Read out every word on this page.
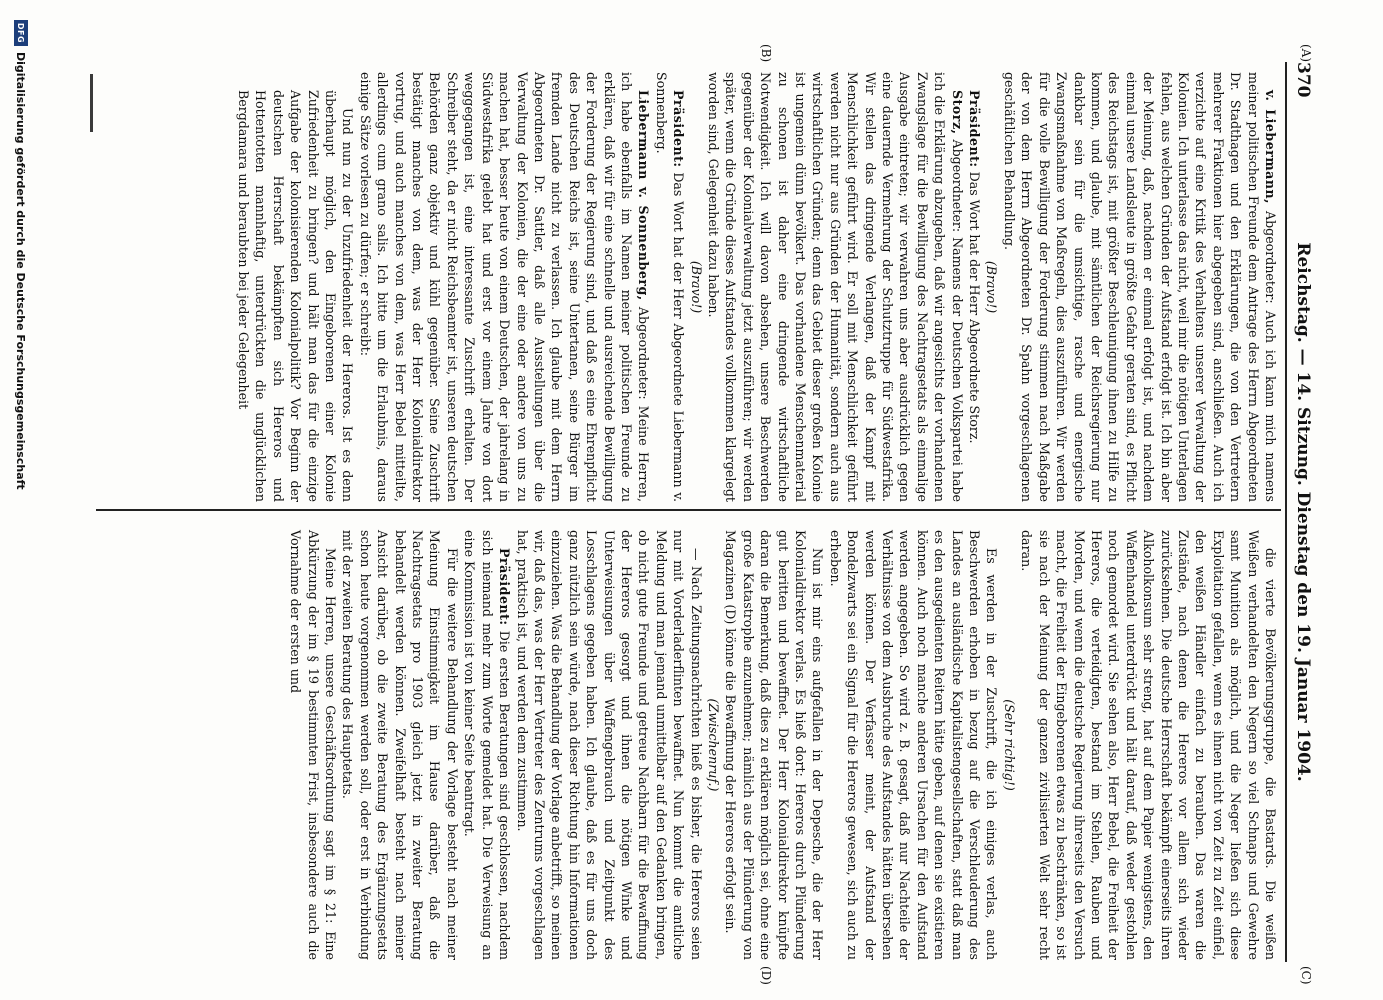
370
Reichstag. — 14. Sitzung. Dienstag den 19. Januar 1904.
(A)
(B)
(C)
(D)

v. Liebermann, Abgeordneter: Auch ich kann mich namens meiner politischen Freunde dem Antrage des Herrn Abgeordneten Dr. Stadthagen und den Erklärungen, die von den Vertretern mehrerer Fraktionen hier abgegeben sind, anschließen. Auch ich verzichte auf eine Kritik des Verhaltens unserer Verwaltung der Kolonien. Ich unterlasse das nicht, weil mir die nötigen Unterlagen fehlen, aus welchen Gründen der Aufstand erfolgt ist. Ich bin aber der Meinung, daß, nachdem er einmal erfolgt ist, und nachdem einmal unsere Landsleute in größte Gefahr geraten sind, es Pflicht des Reichstags ist, mit größter Beschleunigung ihnen zu Hilfe zu kommen, und glaube, mit sämtlichen der Reichsregierung nur dankbar sein für die umsichtige, rasche und energische Zwangsmaßnahme von Maßregeln, dies auszuführen. Wir werden für die volle Bewilligung der Forderung stimmen nach Maßgabe der von dem Herrn Abgeordneten Dr. Spahn vorgeschlagenen geschäftlichen Behandlung.

(Bravo!)

Präsident: Das Wort hat der Herr Abgeordnete Storz.

Storz, Abgeordneter: Namens der Deutschen Volkspartei habe ich die Erklärung abzugeben, daß wir angesichts der vorhandenen Zwangslage für die Bewilligung des Nachtragsetats als einmalige Ausgabe eintreten; wir verwahren uns aber ausdrücklich gegen eine dauernde Vermehrung der Schutztruppe für Südwestafrika. Wir stellen das dringende Verlangen, daß der Kampf mit Menschlichkeit geführt wird. Er soll mit Menschlichkeit geführt werden nicht nur aus Gründen der Humanität, sondern auch aus wirtschaftlichen Gründen; denn das Gebiet dieser großen Kolonie ist ungemein dünn bevölkert. Das vorhandene Menschenmaterial zu schonen ist daher eine dringende wirtschaftliche Notwendigkeit. Ich will davon absehen, unsere Beschwerden gegenüber der Kolonialverwaltung jetzt auszuführen; wir werden später, wenn die Gründe dieses Aufstandes vollkommen klargelegt worden sind, Gelegenheit dazu haben.

(Bravo!)

Präsident: Das Wort hat der Herr Abgeordnete Liebermann v. Sonnenberg.

Liebermann v. Sonnenberg, Abgeordneter: Meine Herren, ich habe ebenfalls im Namen meiner politischen Freunde zu erklären, daß wir für eine schnelle und ausreichende Bewilligung der Forderung der Regierung sind, und daß es eine Ehrenpflicht des Deutschen Reichs ist, seine Untertanen, seine Bürger im fremden Lande nicht zu verlassen. Ich glaube mit dem Herrn Abgeordneten Dr. Sattler, daß alle Ausstellungen über die Verwaltung der Kolonien, die der eine oder andere von uns zu machen hat, besser heute von einem Deutschen, der jahrelang in Südwestafrika gelebt hat und erst vor einem Jahre von dort weggegangen ist, eine interessante Zuschrift erhalten. Der Schreiber steht, da er nicht Reichsbeamter ist, unseren deutschen Behörden ganz objektiv und kühl gegenüber. Seine Zuschrift bestätigt manches von dem, was der Herr Kolonialdirektor vortrug, und auch manches von dem, was Herr Bebel mitteilte, allerdings cum grano salis. Ich bitte um die Erlaubnis, daraus einige Sätze vorlesen zu dürfen; er schreibt:

Und nun zu der Unzufriedenheit der Hereros. Ist es denn überhaupt möglich, den Eingeborenen einer Kolonie Zufriedenheit zu bringen? und hält man das für die einzige Aufgabe der kolonisierenden Kolonialpolitik? Vor Beginn der deutschen Herrschaft bekämpften sich Hereros und Hottentotten mannhaftig, unterdrückten die unglücklichen Bergdamara und beraubten bei jeder Gelegenheit

die vierte Bevölkerungsgruppe, die Bastards. Die weißen Weißen verhandelten den Negern so viel Schnaps und Gewehre samt Munition als möglich, und die Neger ließen sich diese Exploitation gefallen, wenn es ihnen nicht von Zeit zu Zeit einfiel, den weißen Händler einfach zu berauben. Das waren die Zustände, nach denen die Hereros vor allem sich wieder zurücksehnen. Die deutsche Herrschaft bekämpft einerseits ihren Alkoholkonsum sehr streng, hat auf dem Papier wenigstens, den Waffenhandel unterdrückt und hält darauf, daß weder gestohlen noch gemordet wird. Sie sehen also, Herr Bebel, die Freiheit der Hereros, die verteidigten, bestand im Stehlen, Rauben und Morden, und wenn die deutsche Regierung ihrerseits den Versuch macht, die Freiheit der Eingeborenen etwas zu beschränken, so ist sie nach der Meinung der ganzen zivilisierten Welt sehr recht daran.

(Sehr richtig!)

Es werden in der Zuschrift, die ich einiges verlas, auch Beschwerden erhoben in bezug auf die Verschleuderung des Landes an ausländische Kapitalistengesellschaften, statt daß man es den ausgedienten Reitern hätte geben, auf denen sie existieren können. Auch noch manche anderen Ursachen für den Aufstand werden angegeben. So wird z. B. gesagt, daß nur Nachteile der Verhältnisse von dem Ausbruche des Aufstandes hätten übersehen werden können. Der Verfasser meint, der Aufstand der Bondelzwarts sei ein Signal für die Hereros gewesen, sich auch zu erheben.

Nun ist mir eins aufgefallen in der Depesche, die der Herr Kolonialdirektor verlas. Es hieß dort: Hereros durch Plünderung gut beritten und bewaffnet. Der Herr Kolonialdirektor knüpfte daran die Bemerkung, daß dies zu erklären möglich sei, ohne eine große Katastrophe anzunehmen; nämlich aus der Plünderung von Magazinen (D) könne die Bewaffnung der Hereros erfolgt sein.

(Zwischenruf.)

— Nach Zeitungsnachrichten hieß es bisher, die Hereros seien nur mit Vorderladerflinten bewaffnet. Nun kommt die amtliche Meldung und man jemand unmittelbar auf den Gedanken bringen, ob nicht gute Freunde und getreue Nachbarn für die Bewaffnung der Hereros gesorgt und ihnen die nötigen Winke und Unterweisungen über Waffengebrauch und Zeitpunkt des Losschlagens gegeben haben. Ich glaube, daß es für uns doch ganz nützlich sein würde, nach dieser Richtung hin Informationen einzuziehen. Was die Behandlung der Vorlage anbetrifft, so meinen wir, daß das, was der Herr Vertreter des Zentrums vorgeschlagen hat, praktisch ist, und werden dem zustimmen.

Präsident: Die ersten Beratungen sind geschlossen, nachdem sich niemand mehr zum Worte gemeldet hat. Die Verweisung an eine Kommission ist von keiner Seite beantragt.

Für die weitere Behandlung der Vorlage besteht nach meiner Meinung Einstimmigkeit im Hause darüber, daß die Nachtragsetats pro 1903 gleich jetzt in zweiter Beratung behandelt werden können. Zweifelhaft besteht nach meiner Ansicht darüber, ob die zweite Beratung des Ergänzungsetats schon heute vorgenommen werden soll, oder erst in Verbindung mit der zweiten Beratung des Hauptetats.

Meine Herren, unsere Geschäftsordnung sagt im § 21: Eine Abkürzung der im § 19 bestimmten Frist, insbesondere auch die Vornahme der ersten und

DFG
Digitalisierung gefördert durch die Deutsche Forschungsgemeinschaft
